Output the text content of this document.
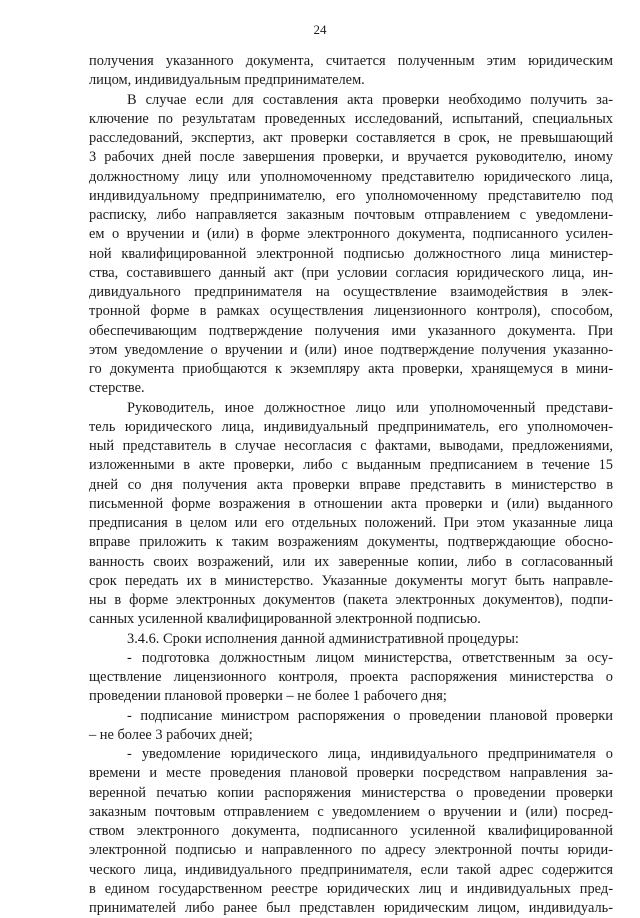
24
получения указанного документа, считается полученным этим юридическим
лицом, индивидуальным предпринимателем.
В случае если для составления акта проверки необходимо получить за-
ключение по результатам проведенных исследований, испытаний, специальных
расследований, экспертиз, акт проверки составляется в срок, не превышающий
3 рабочих дней после завершения проверки, и вручается руководителю, иному
должностному лицу или уполномоченному представителю юридического лица,
индивидуальному предпринимателю, его уполномоченному представителю под
расписку, либо направляется заказным почтовым отправлением с уведомлени-
ем о вручении и (или) в форме электронного документа, подписанного усилен-
ной квалифицированной электронной подписью должностного лица министер-
ства, составившего данный акт (при условии согласия юридического лица, ин-
дивидуального предпринимателя на осуществление взаимодействия в элек-
тронной форме в рамках осуществления лицензионного контроля), способом,
обеспечивающим подтверждение получения ими указанного документа. При
этом уведомление о вручении и (или) иное подтверждение получения указанно-
го документа приобщаются к экземпляру акта проверки, хранящемуся в мини-
стерстве.
Руководитель, иное должностное лицо или уполномоченный представи-
тель юридического лица, индивидуальный предприниматель, его уполномочен-
ный представитель в случае несогласия с фактами, выводами, предложениями,
изложенными в акте проверки, либо с выданным предписанием в течение 15
дней со дня получения акта проверки вправе представить в министерство в
письменной форме возражения в отношении акта проверки и (или) выданного
предписания в целом или его отдельных положений. При этом указанные лица
вправе приложить к таким возражениям документы, подтверждающие обосно-
ванность своих возражений, или их заверенные копии, либо в согласованный
срок передать их в министерство. Указанные документы могут быть направле-
ны в форме электронных документов (пакета электронных документов), подпи-
санных усиленной квалифицированной электронной подписью.
3.4.6. Сроки исполнения данной административной процедуры:
- подготовка должностным лицом министерства, ответственным за осу-
ществление лицензионного контроля, проекта распоряжения министерства о
проведении плановой проверки – не более 1 рабочего дня;
- подписание министром распоряжения о проведении плановой проверки
– не более 3 рабочих дней;
- уведомление юридического лица, индивидуального предпринимателя о
времени и месте проведения плановой проверки посредством направления за-
веренной печатью копии распоряжения министерства о проведении проверки
заказным почтовым отправлением с уведомлением о вручении и (или) посред-
ством электронного документа, подписанного усиленной квалифицированной
электронной подписью и направленного по адресу электронной почты юриди-
ческого лица, индивидуального предпринимателя, если такой адрес содержится
в едином государственном реестре юридических лиц и индивидуальных пред-
принимателей либо ранее был представлен юридическим лицом, индивидуаль-
